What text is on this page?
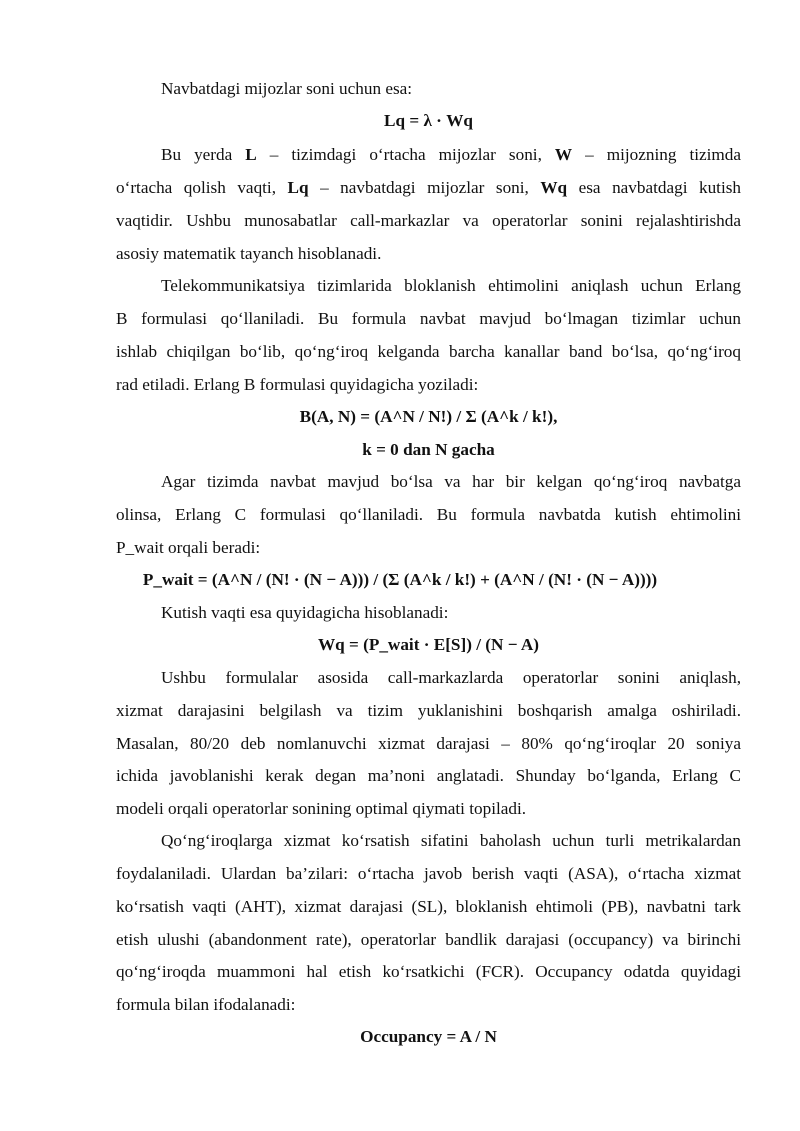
Navbatdagi mijozlar soni uchun esa:
Lq = λ · Wq
Bu yerda L – tizimdagi o‘rtacha mijozlar soni, W – mijozning tizimda
o‘rtacha qolish vaqti, Lq – navbatdagi mijozlar soni, Wq esa navbatdagi kutish
vaqtidir. Ushbu munosabatlar call-markazlar va operatorlar sonini rejalashtirishda
asosiy matematik tayanch hisoblanadi.
Telekommunikatsiya tizimlarida bloklanish ehtimolini aniqlash uchun Erlang
B formulasi qo‘llaniladi. Bu formula navbat mavjud bo‘lmagan tizimlar uchun
ishlab chiqilgan bo‘lib, qo‘ng‘iroq kelganda barcha kanallar band bo‘lsa, qo‘ng‘iroq
rad etiladi. Erlang B formulasi quyidagicha yoziladi:
B(A, N) = (A^N / N!) / Σ (A^k / k!),
k = 0 dan N gacha
Agar tizimda navbat mavjud bo‘lsa va har bir kelgan qo‘ng‘iroq navbatga
olinsa, Erlang C formulasi qo‘llaniladi. Bu formula navbatda kutish ehtimolini
P_wait orqali beradi:
P_wait = (A^N / (N! · (N − A))) / (Σ (A^k / k!) + (A^N / (N! · (N − A))))
Kutish vaqti esa quyidagicha hisoblanadi:
Wq = (P_wait · E[S]) / (N − A)
Ushbu formulalar asosida call-markazlarda operatorlar sonini aniqlash,
xizmat darajasini belgilash va tizim yuklanishini boshqarish amalga oshiriladi.
Masalan, 80/20 deb nomlanuvchi xizmat darajasi – 80% qo‘ng‘iroqlar 20 soniya
ichida javoblanishi kerak degan ma’noni anglatadi. Shunday bo‘lganda, Erlang C
modeli orqali operatorlar sonining optimal qiymati topiladi.
Qo‘ng‘iroqlarga xizmat ko‘rsatish sifatini baholash uchun turli metrikalardan
foydalaniladi. Ulardan ba’zilari: o‘rtacha javob berish vaqti (ASA), o‘rtacha xizmat
ko‘rsatish vaqti (AHT), xizmat darajasi (SL), bloklanish ehtimoli (PB), navbatni tark
etish ulushi (abandonment rate), operatorlar bandlik darajasi (occupancy) va birinchi
qo‘ng‘iroqda muammoni hal etish ko‘rsatkichi (FCR). Occupancy odatda quyidagi
formula bilan ifodalanadi:
Occupancy = A / N
